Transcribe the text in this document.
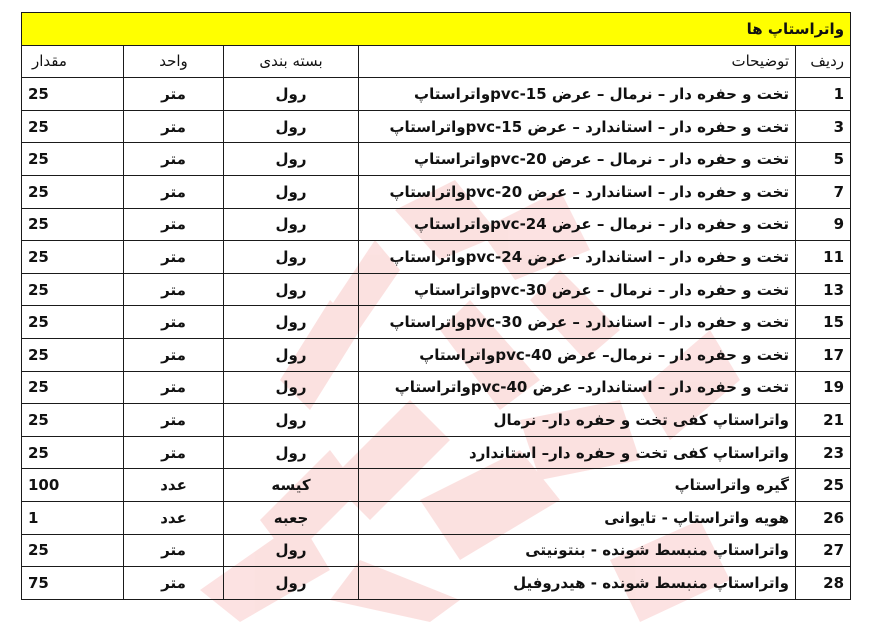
واتراستاپ ها				
ردیف	توضیحات	بسته بندی	واحد	مقدار
1	تخت و حفره دار – نرمال – عرض pvc-15واتراستاپ	رول	متر	25
3	تخت و حفره دار – استاندارد – عرض pvc-15واتراستاپ	رول	متر	25
5	تخت و حفره دار – نرمال – عرض pvc-20واتراستاپ	رول	متر	25
7	تخت و حفره دار – استاندارد – عرض pvc-20واتراستاپ	رول	متر	25
9	تخت و حفره دار – نرمال – عرض pvc-24واتراستاپ	رول	متر	25
11	تخت و حفره دار – استاندارد – عرض pvc-24واتراستاپ	رول	متر	25
13	تخت و حفره دار – نرمال – عرض pvc-30واتراستاپ	رول	متر	25
15	تخت و حفره دار – استاندارد – عرض pvc-30واتراستاپ	رول	متر	25
17	تخت و حفره دار – نرمال– عرض pvc-40واتراستاپ	رول	متر	25
19	تخت و حفره دار – استاندارد– عرض pvc-40واتراستاپ	رول	متر	25
21	واتراستاپ کفی تخت و حفره دار– نرمال	رول	متر	25
23	واتراستاپ کفی تخت و حفره دار– استاندارد	رول	متر	25
25	گیره واتراستاپ	کیسه	عدد	100
26	هویه واتراستاپ - تایوانی	جعبه	عدد	1
27	واتراستاپ منبسط شونده - بنتونیتی	رول	متر	25
28	واتراستاپ منبسط شونده - هیدروفیل	رول	متر	75
